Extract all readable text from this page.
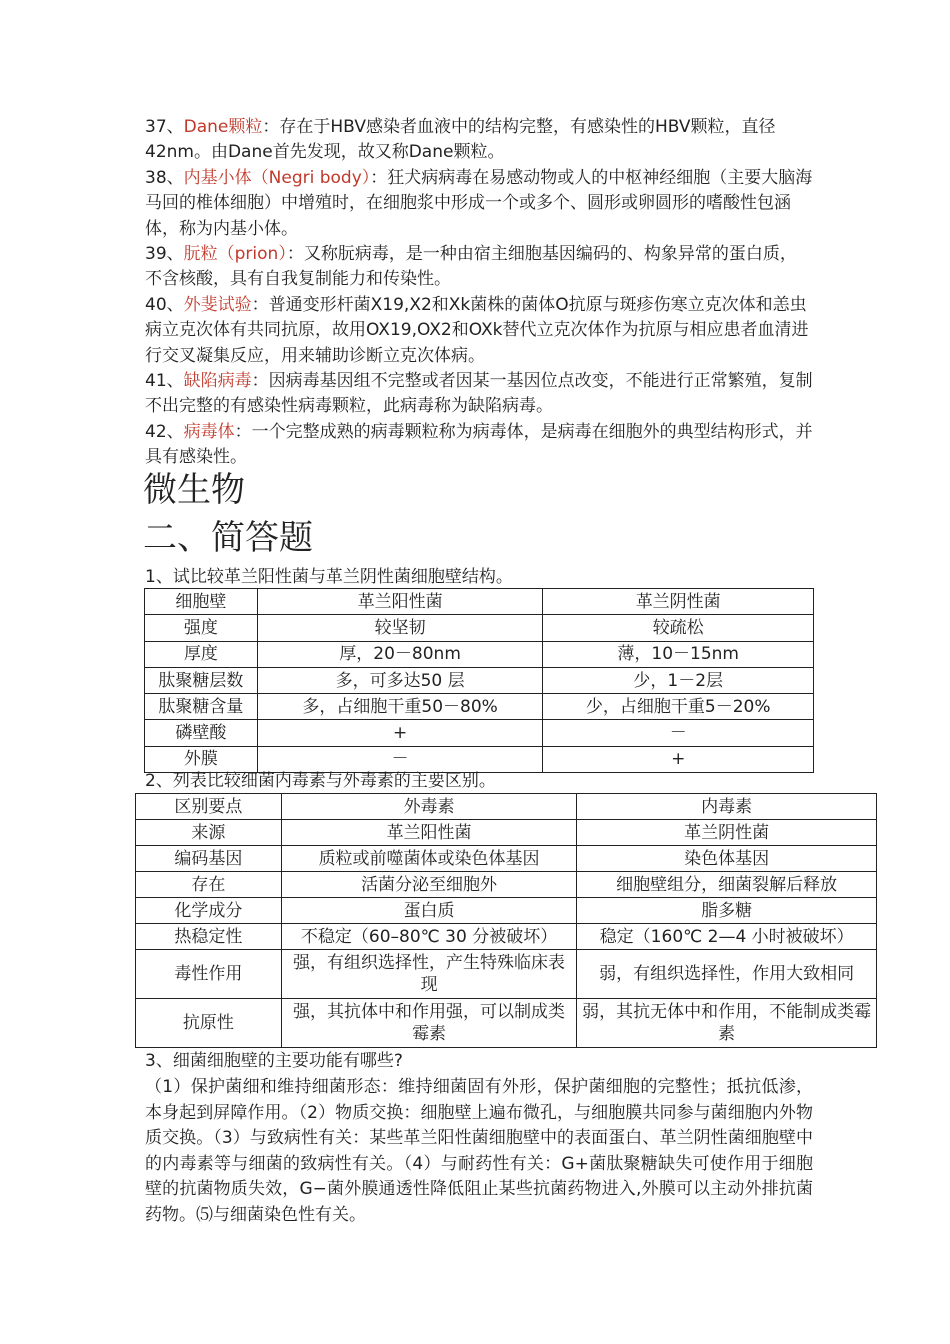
37、Dane颗粒：存在于HBV感染者血液中的结构完整，有感染性的HBV颗粒，直径42nm。由Dane首先发现，故又称Dane颗粒。

38、内基小体（Negri body）：狂犬病病毒在易感动物或人的中枢神经细胞（主要大脑海马回的椎体细胞）中增殖时，在细胞浆中形成一个或多个、圆形或卵圆形的嗜酸性包涵体，称为内基小体。

39、朊粒（prion）：又称朊病毒，是一种由宿主细胞基因编码的、构象异常的蛋白质，不含核酸，具有自我复制能力和传染性。

40、外斐试验：普通变形杆菌X19,X2和Xk菌株的菌体O抗原与斑疹伤寒立克次体和恙虫病立克次体有共同抗原，故用OX19,OX2和OXk替代立克次体作为抗原与相应患者血清进行交叉凝集反应，用来辅助诊断立克次体病。

41、缺陷病毒：因病毒基因组不完整或者因某一基因位点改变，不能进行正常繁殖，复制不出完整的有感染性病毒颗粒，此病毒称为缺陷病毒。

42、病毒体：一个完整成熟的病毒颗粒称为病毒体，是病毒在细胞外的典型结构形式，并具有感染性。

微生物
二、简答题

1、试比较革兰阳性菌与革兰阴性菌细胞壁结构。

细胞壁	革兰阳性菌	革兰阴性菌
强度	较坚韧	较疏松
厚度	厚，20－80nm	薄，10－15nm
肽聚糖层数	多，可多达50 层	少，1－2层
肽聚糖含量	多，占细胞干重50－80%	少，占细胞干重5－20%
磷壁酸	+	－
外膜	－	+

2、列表比较细菌内毒素与外毒素的主要区别。

区别要点	外毒素	内毒素
来源	革兰阳性菌	革兰阴性菌
编码基因	质粒或前噬菌体或染色体基因	染色体基因
存在	活菌分泌至细胞外	细胞壁组分，细菌裂解后释放
化学成分	蛋白质	脂多糖
热稳定性	不稳定（60–80℃ 30 分被破坏）	稳定（160℃ 2—4 小时被破坏）
毒性作用	强，有组织选择性，产生特殊临床表现	弱，有组织选择性，作用大致相同
抗原性	强，其抗体中和作用强，可以制成类霉素	弱，其抗无体中和作用，不能制成类霉素

3、细菌细胞壁的主要功能有哪些?

（1）保护菌细和维持细菌形态：维持细菌固有外形，保护菌细胞的完整性；抵抗低渗，本身起到屏障作用。（2）物质交换：细胞壁上遍布微孔，与细胞膜共同参与菌细胞内外物质交换。（3）与致病性有关：某些革兰阳性菌细胞壁中的表面蛋白、革兰阴性菌细胞壁中的内毒素等与细菌的致病性有关。（4）与耐药性有关：G+菌肽聚糖缺失可使作用于细胞壁的抗菌物质失效，G−菌外膜通透性降低阻止某些抗菌药物进入,外膜可以主动外排抗菌药物。⑸与细菌染色性有关。
